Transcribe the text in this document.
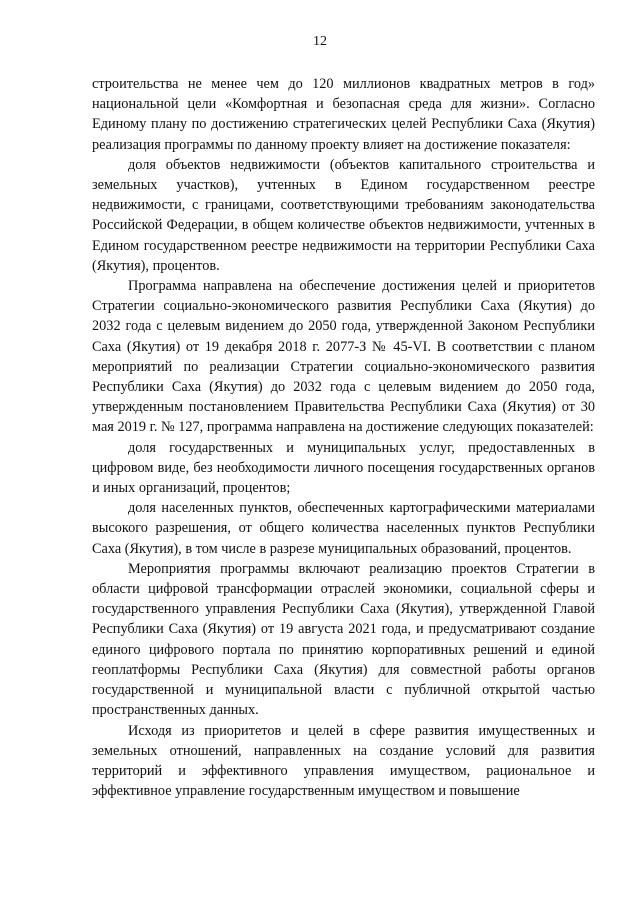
12

строительства не менее чем до 120 миллионов квадратных метров в год» национальной цели «Комфортная и безопасная среда для жизни». Согласно Единому плану по достижению стратегических целей Республики Саха (Якутия) реализация программы по данному проекту влияет на достижение показателя:

доля объектов недвижимости (объектов капитального строительства и земельных участков), учтенных в Едином государственном реестре недвижимости, с границами, соответствующими требованиям законодательства Российской Федерации, в общем количестве объектов недвижимости, учтенных в Едином государственном реестре недвижимости на территории Республики Саха (Якутия), процентов.

Программа направлена на обеспечение достижения целей и приоритетов Стратегии социально-экономического развития Республики Саха (Якутия) до 2032 года с целевым видением до 2050 года, утвержденной Законом Республики Саха (Якутия) от 19 декабря 2018 г. 2077-З № 45-VI. В соответствии с планом мероприятий по реализации Стратегии социально-экономического развития Республики Саха (Якутия) до 2032 года с целевым видением до 2050 года, утвержденным постановлением Правительства Республики Саха (Якутия) от 30 мая 2019 г. № 127, программа направлена на достижение следующих показателей:

доля государственных и муниципальных услуг, предоставленных в цифровом виде, без необходимости личного посещения государственных органов и иных организаций, процентов;

доля населенных пунктов, обеспеченных картографическими материалами высокого разрешения, от общего количества населенных пунктов Республики Саха (Якутия), в том числе в разрезе муниципальных образований, процентов.

Мероприятия программы включают реализацию проектов Стратегии в области цифровой трансформации отраслей экономики, социальной сферы и государственного управления Республики Саха (Якутия), утвержденной Главой Республики Саха (Якутия) от 19 августа 2021 года, и предусматривают создание единого цифрового портала по принятию корпоративных решений и единой геоплатформы Республики Саха (Якутия) для совместной работы органов государственной и муниципальной власти с публичной открытой частью пространственных данных.

Исходя из приоритетов и целей в сфере развития имущественных и земельных отношений, направленных на создание условий для развития территорий и эффективного управления имуществом, рациональное и эффективное управление государственным имуществом и повышение
